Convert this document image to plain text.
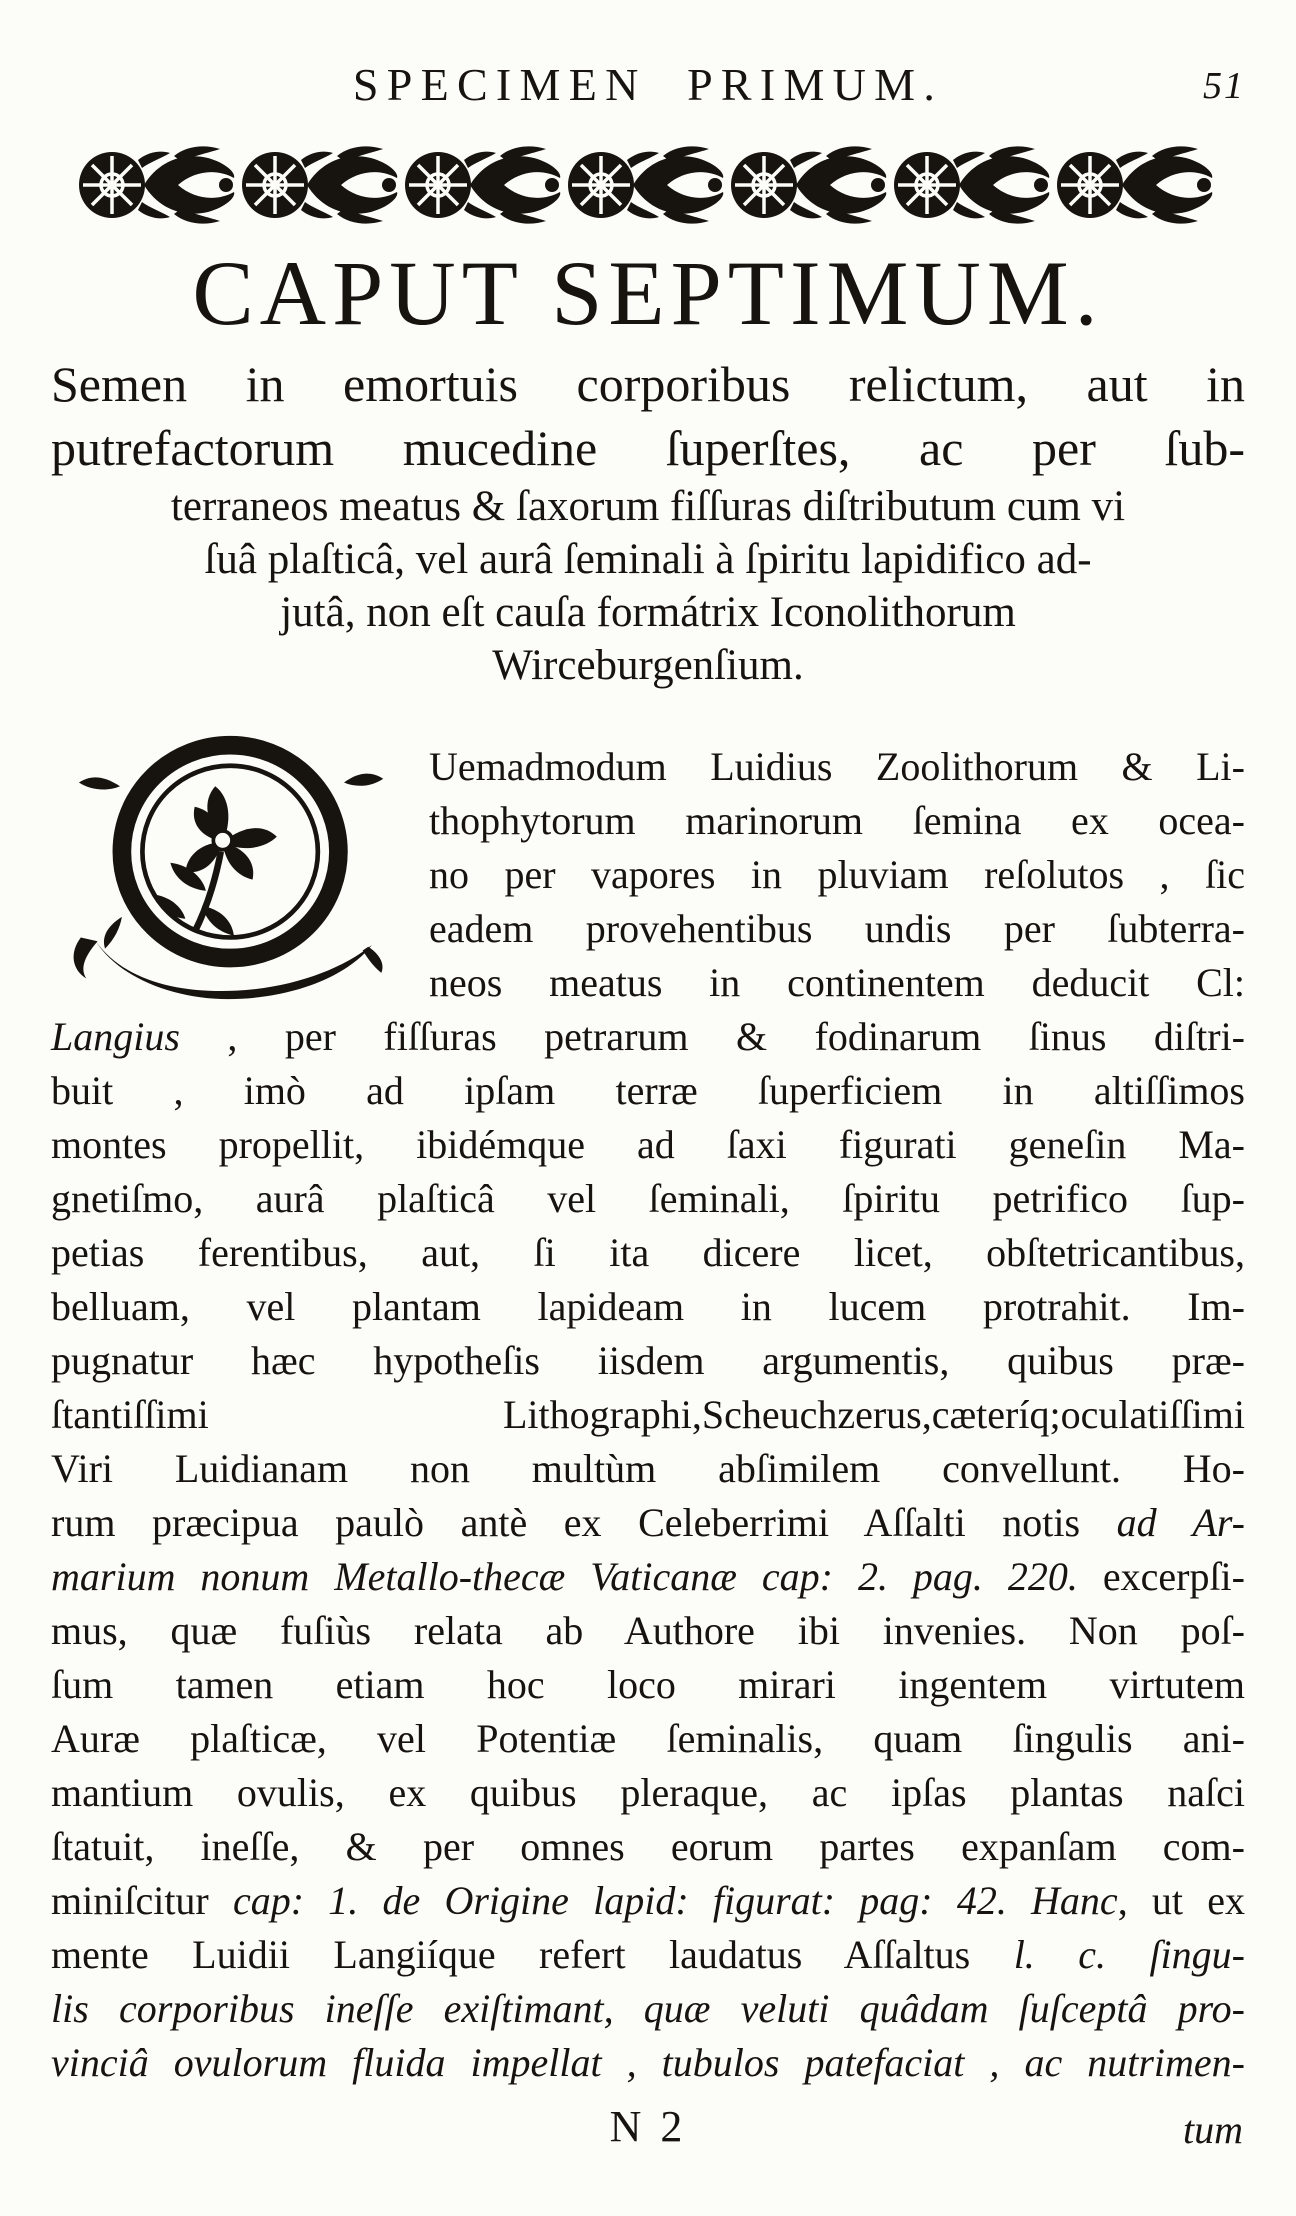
SPECIMEN PRIMUM.	51
CAPUT SEPTIMUM.
Semen in emortuis corporibus relictum, aut in
putrefactorum mucedine ſuperſtes, ac per ſub-
terraneos meatus & ſaxorum fiſſuras diſtributum cum vi
ſuâ plaſticâ, vel aurâ ſeminali à ſpiritu lapidifico ad-
jutâ, non eſt cauſa formátrix Iconolithorum
Wirceburgenſium.
Uemadmodum Luidius Zoolithorum & Li-
thophytorum marinorum ſemina ex ocea-
no per vapores in pluviam reſolutos , ſic
eadem provehentibus undis per ſubterra-
neos meatus in continentem deducit Cl:
Langius , per fiſſuras petrarum & fodinarum ſinus diſtri-
buit , imò ad ipſam terræ ſuperficiem in altiſſimos
montes propellit, ibidémque ad ſaxi figurati geneſin Ma-
gnetiſmo, aurâ plaſticâ vel ſeminali, ſpiritu petrifico ſup-
petias ferentibus, aut, ſi ita dicere licet, obſtetricantibus,
belluam, vel plantam lapideam in lucem protrahit. Im-
pugnatur hæc hypotheſis iisdem argumentis, quibus præ-
ſtantiſſimi Lithographi,Scheuchzerus,cæteríq;oculatiſſimi
Viri Luidianam non multùm abſimilem convellunt. Ho-
rum præcipua paulò antè ex Celeberrimi Aſſalti notis ad Ar-
marium nonum Metallo-thecæ Vaticanæ cap: 2. pag. 220. excerpſi-
mus, quæ fuſiùs relata ab Authore ibi invenies. Non poſ-
ſum tamen etiam hoc loco mirari ingentem virtutem
Auræ plaſticæ, vel Potentiæ ſeminalis, quam ſingulis ani-
mantium ovulis, ex quibus pleraque, ac ipſas plantas naſci
ſtatuit, ineſſe, & per omnes eorum partes expanſam com-
miniſcitur cap: 1. de Origine lapid: figurat: pag: 42. Hanc, ut ex
mente Luidii Langiíque refert laudatus Aſſaltus l. c. ſingu-
lis corporibus ineſſe exiſtimant, quæ veluti quâdam ſuſceptâ pro-
vinciâ ovulorum fluida impellat , tubulos patefaciat , ac nutrimen-
N 2	tum
